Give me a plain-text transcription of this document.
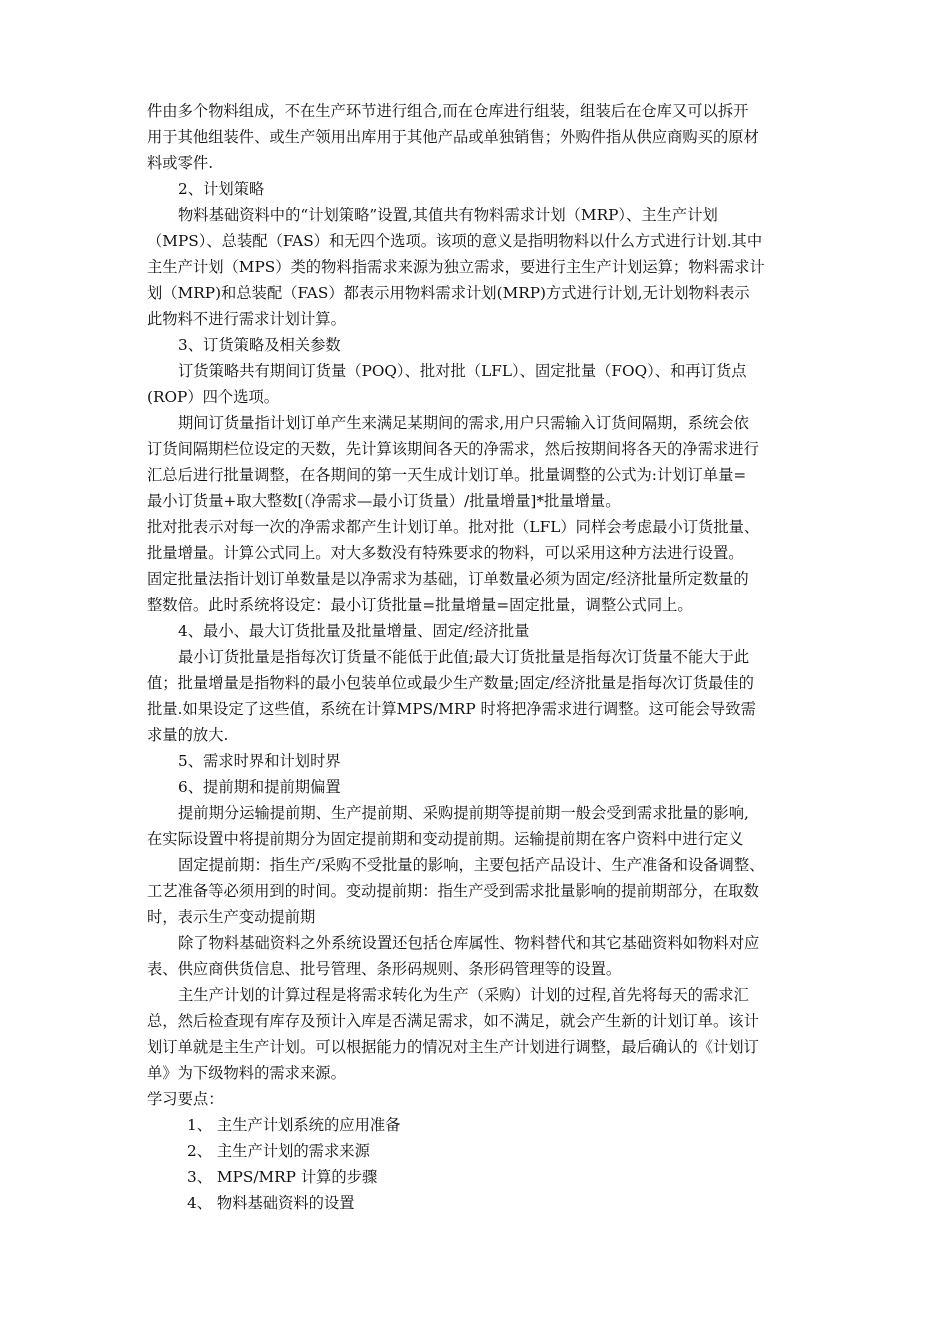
件由多个物料组成，不在生产环节进行组合,而在仓库进行组装，组装后在仓库又可以拆开
用于其他组装件、或生产领用出库用于其他产品或单独销售；外购件指从供应商购买的原材
料或零件.
2、计划策略
物料基础资料中的“计划策略”设置,其值共有物料需求计划（MRP）、主生产计划
（MPS）、总装配（FAS）和无四个选项。该项的意义是指明物料以什么方式进行计划.其中
主生产计划（MPS）类的物料指需求来源为独立需求，要进行主生产计划运算；物料需求计
划（MRP)和总装配（FAS）都表示用物料需求计划(MRP)方式进行计划,无计划物料表示
此物料不进行需求计划计算。
3、订货策略及相关参数
订货策略共有期间订货量（POQ）、批对批（LFL）、固定批量（FOQ）、和再订货点
(ROP）四个选项。
期间订货量指计划订单产生来满足某期间的需求,用户只需输入订货间隔期，系统会依
订货间隔期栏位设定的天数，先计算该期间各天的净需求，然后按期间将各天的净需求进行
汇总后进行批量调整，在各期间的第一天生成计划订单。批量调整的公式为:计划订单量=
最小订货量+取大整数[（净需求—最小订货量）/批量增量]*批量增量。
批对批表示对每一次的净需求都产生计划订单。批对批（LFL）同样会考虑最小订货批量、
批量增量。计算公式同上。对大多数没有特殊要求的物料，可以采用这种方法进行设置。
固定批量法指计划订单数量是以净需求为基础，订单数量必须为固定/经济批量所定数量的
整数倍。此时系统将设定：最小订货批量=批量增量=固定批量，调整公式同上。
4、最小、最大订货批量及批量增量、固定/经济批量
最小订货批量是指每次订货量不能低于此值;最大订货批量是指每次订货量不能大于此
值；批量增量是指物料的最小包装单位或最少生产数量;固定/经济批量是指每次订货最佳的
批量.如果设定了这些值，系统在计算MPS/MRP 时将把净需求进行调整。这可能会导致需
求量的放大.
5、需求时界和计划时界
6、提前期和提前期偏置
提前期分运输提前期、生产提前期、采购提前期等提前期一般会受到需求批量的影响,
在实际设置中将提前期分为固定提前期和变动提前期。运输提前期在客户资料中进行定义
固定提前期：指生产/采购不受批量的影响，主要包括产品设计、生产准备和设备调整、
工艺准备等必须用到的时间。变动提前期：指生产受到需求批量影响的提前期部分，在取数
时，表示生产变动提前期
除了物料基础资料之外系统设置还包括仓库属性、物料替代和其它基础资料如物料对应
表、供应商供货信息、批号管理、条形码规则、条形码管理等的设置。
主生产计划的计算过程是将需求转化为生产（采购）计划的过程,首先将每天的需求汇
总，然后检查现有库存及预计入库是否满足需求，如不满足，就会产生新的计划订单。该计
划订单就是主生产计划。可以根据能力的情况对主生产计划进行调整，最后确认的《计划订
单》为下级物料的需求来源。
学习要点：
1、 主生产计划系统的应用准备
2、 主生产计划的需求来源
3、 MPS/MRP 计算的步骤
4、 物料基础资料的设置
